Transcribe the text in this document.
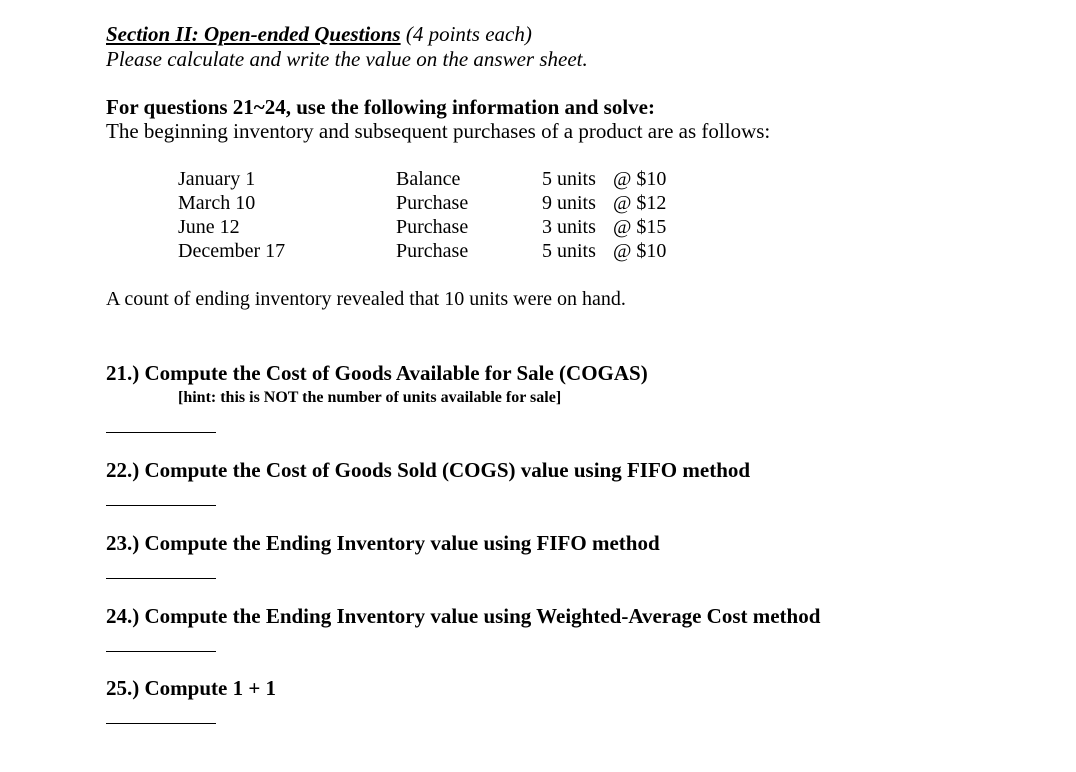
Section II: Open-ended Questions (4 points each)
Please calculate and write the value on the answer sheet.
For questions 21~24, use the following information and solve:
The beginning inventory and subsequent purchases of a product are as follows:
January 1	Balance	5 units @ $10
March 10	Purchase	9 units @ $12
June 12	Purchase	3 units @ $15
December 17	Purchase	5 units @ $10
A count of ending inventory revealed that 10 units were on hand.
21.) Compute the Cost of Goods Available for Sale (COGAS)
[hint: this is NOT the number of units available for sale]
22.) Compute the Cost of Goods Sold (COGS) value using FIFO method
23.) Compute the Ending Inventory value using FIFO method
24.) Compute the Ending Inventory value using Weighted-Average Cost method
25.) Compute 1 + 1
